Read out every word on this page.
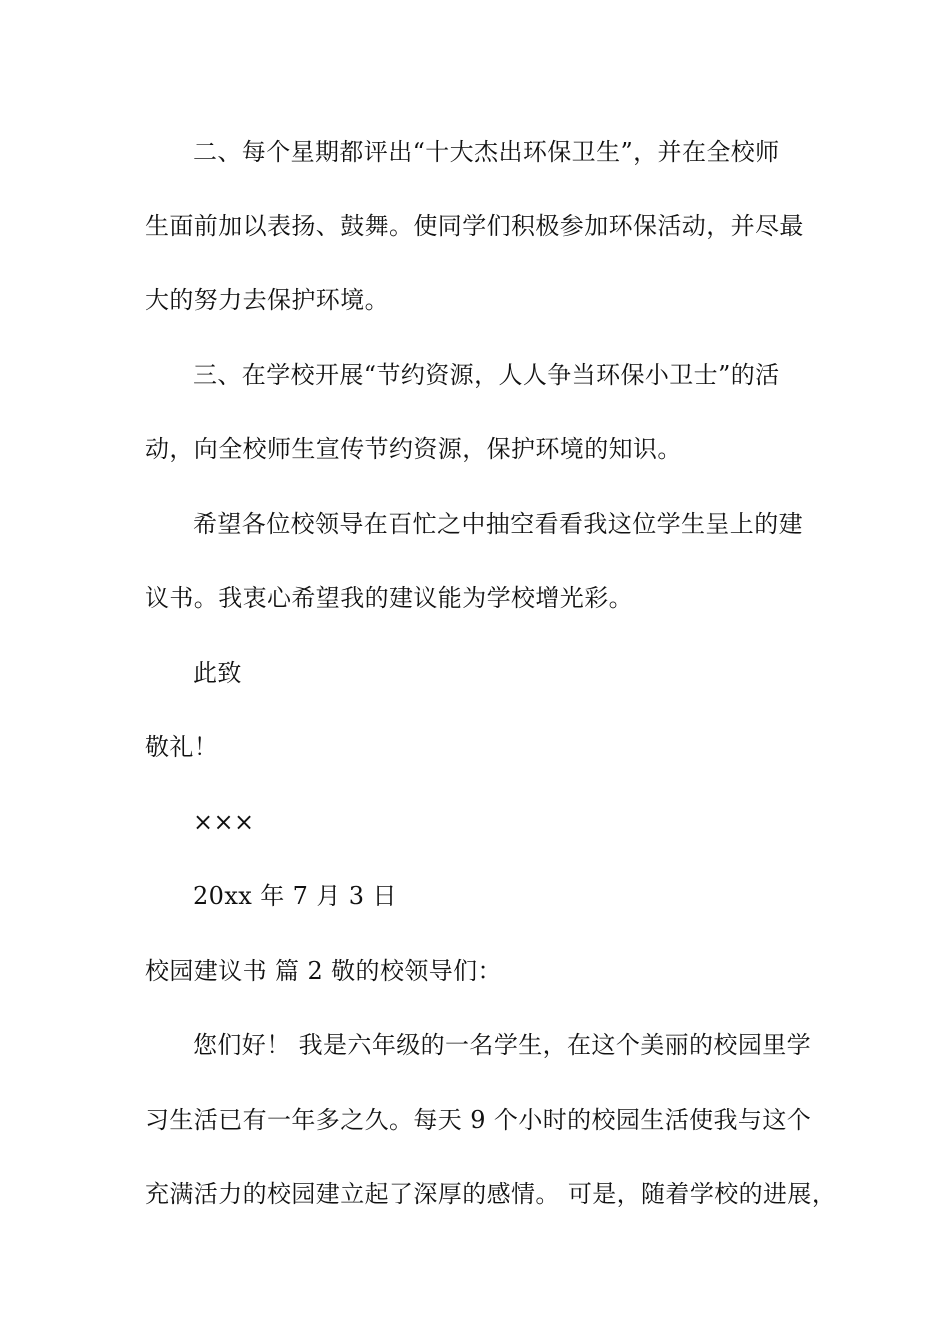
二、每个星期都评出“十大杰出环保卫生”，并在全校师
生面前加以表扬、鼓舞。使同学们积极参加环保活动，并尽最
大的努力去保护环境。
三、在学校开展“节约资源，人人争当环保小卫士”的活
动，向全校师生宣传节约资源，保护环境的知识。
希望各位校领导在百忙之中抽空看看我这位学生呈上的建
议书。我衷心希望我的建议能为学校增光彩。
此致
敬礼！
×××
20xx 年 7 月 3 日
校园建议书 篇 2 敬的校领导们：
您们好！ 我是六年级的一名学生，在这个美丽的校园里学
习生活已有一年多之久。每天 9 个小时的校园生活使我与这个
充满活力的校园建立起了深厚的感情。 可是，随着学校的进展，
